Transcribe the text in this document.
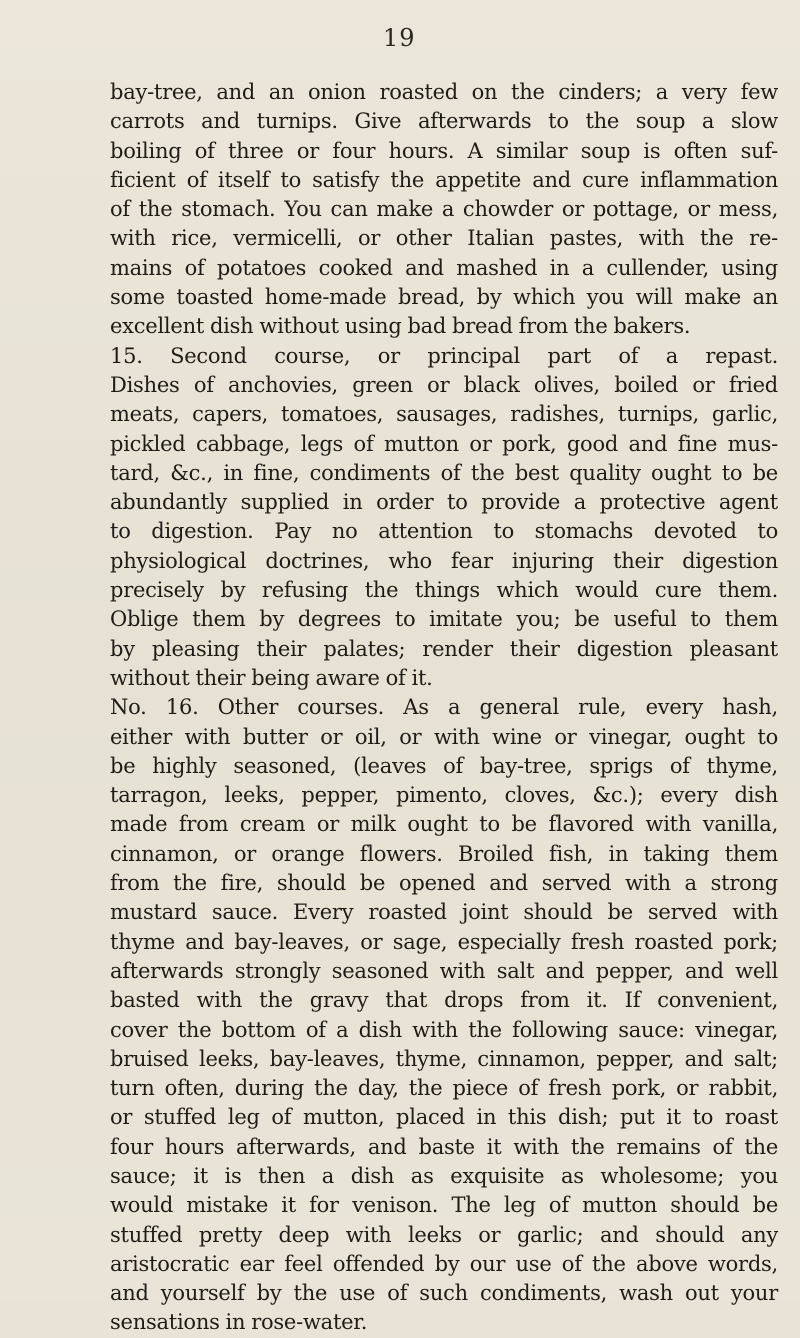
19
bay-tree, and an onion roasted on the cinders; a very few
carrots and turnips. Give afterwards to the soup a slow
boiling of three or four hours. A similar soup is often suf-
ficient of itself to satisfy the appetite and cure inflammation
of the stomach. You can make a chowder or pottage, or mess,
with rice, vermicelli, or other Italian pastes, with the re-
mains of potatoes cooked and mashed in a cullender, using
some toasted home-made bread, by which you will make an
excellent dish without using bad bread from the bakers.
15. Second course, or principal part of a repast.
Dishes of anchovies, green or black olives, boiled or fried
meats, capers, tomatoes, sausages, radishes, turnips, garlic,
pickled cabbage, legs of mutton or pork, good and fine mus-
tard, &c., in fine, condiments of the best quality ought to be
abundantly supplied in order to provide a protective agent
to digestion. Pay no attention to stomachs devoted to
physiological doctrines, who fear injuring their digestion
precisely by refusing the things which would cure them.
Oblige them by degrees to imitate you; be useful to them
by pleasing their palates; render their digestion pleasant
without their being aware of it.
No. 16. Other courses. As a general rule, every hash,
either with butter or oil, or with wine or vinegar, ought to
be highly seasoned, (leaves of bay-tree, sprigs of thyme,
tarragon, leeks, pepper, pimento, cloves, &c.); every dish
made from cream or milk ought to be flavored with vanilla,
cinnamon, or orange flowers. Broiled fish, in taking them
from the fire, should be opened and served with a strong
mustard sauce. Every roasted joint should be served with
thyme and bay-leaves, or sage, especially fresh roasted pork;
afterwards strongly seasoned with salt and pepper, and well
basted with the gravy that drops from it. If convenient,
cover the bottom of a dish with the following sauce: vinegar,
bruised leeks, bay-leaves, thyme, cinnamon, pepper, and salt;
turn often, during the day, the piece of fresh pork, or rabbit,
or stuffed leg of mutton, placed in this dish; put it to roast
four hours afterwards, and baste it with the remains of the
sauce; it is then a dish as exquisite as wholesome; you
would mistake it for venison. The leg of mutton should be
stuffed pretty deep with leeks or garlic; and should any
aristocratic ear feel offended by our use of the above words,
and yourself by the use of such condiments, wash out your
sensations in rose-water.
